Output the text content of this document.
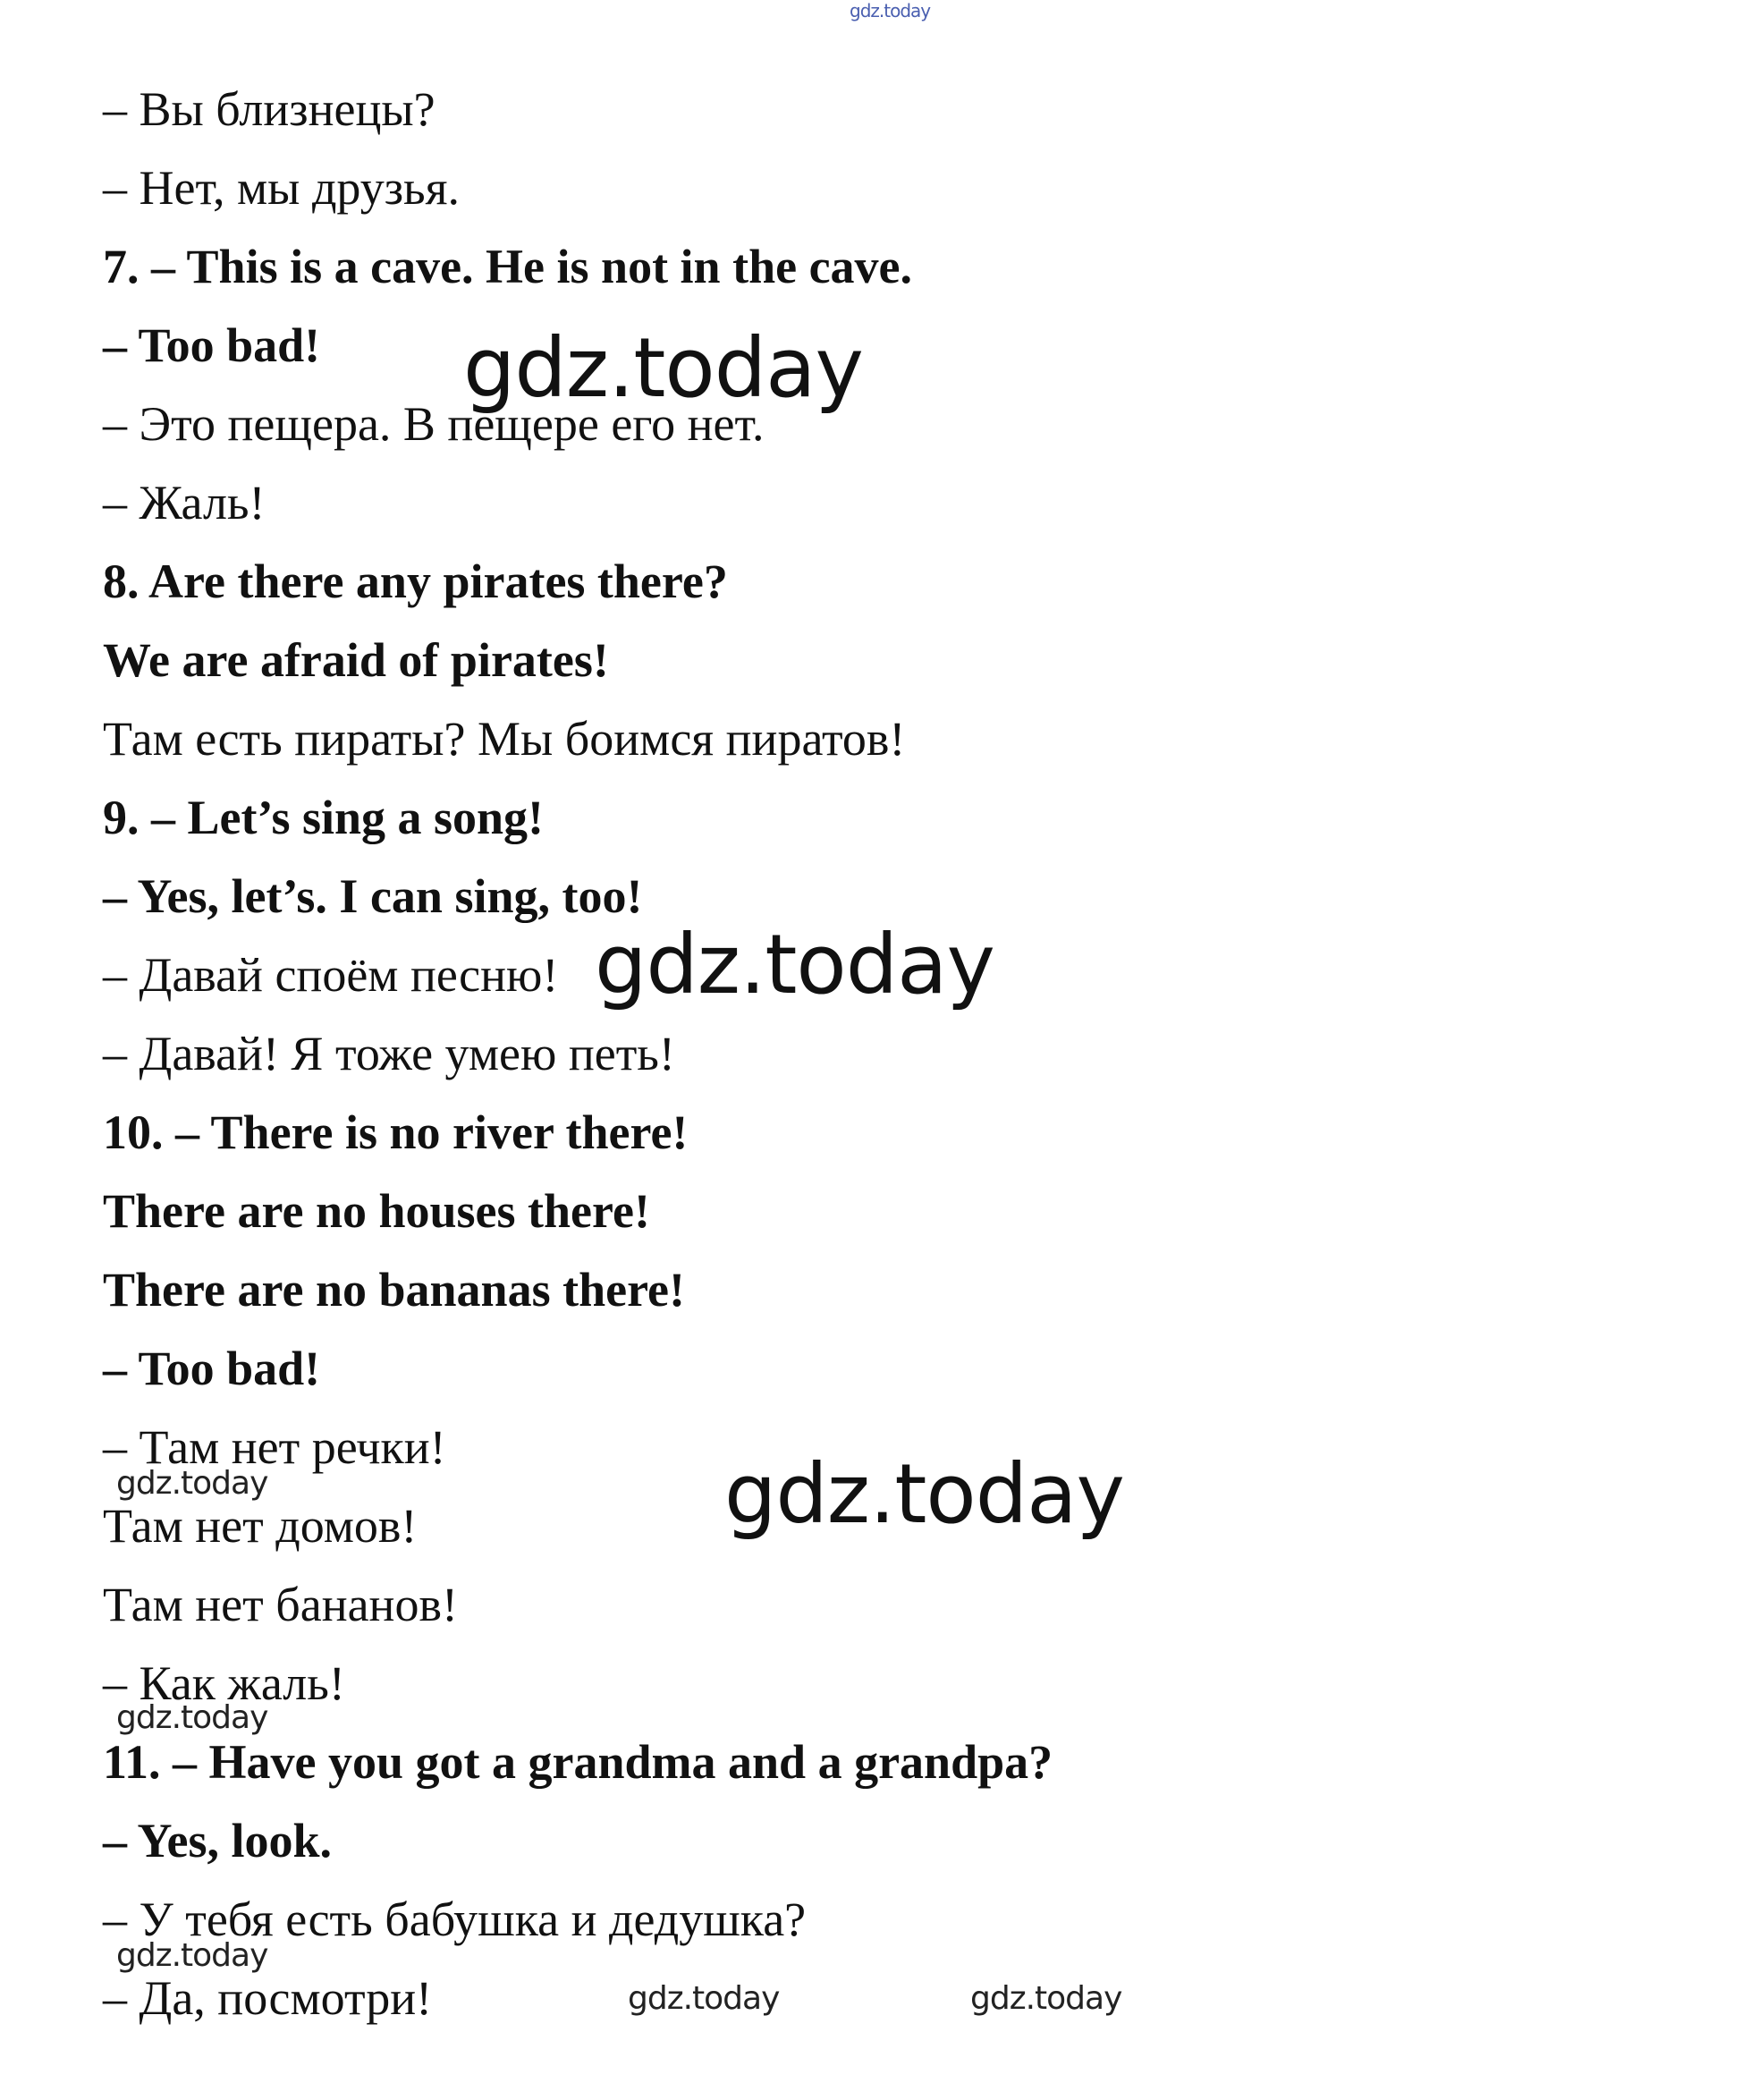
gdz.today
– Вы близнецы?
– Нет, мы друзья.
7. – This is a cave. He is not in the cave.
– Too bad!
– Это пещера. В пещере его нет.
– Жаль!
8. Are there any pirates there?
We are afraid of pirates!
Там есть пираты? Мы боимся пиратов!
9. – Let’s sing a song!
– Yes, let’s. I can sing, too!
– Давай споём песню!
– Давай! Я тоже умею петь!
10. – There is no river there!
There are no houses there!
There are no bananas there!
– Too bad!
– Там нет речки!
Там нет домов!
Там нет бананов!
– Как жаль!
11. – Have you got a grandma and a grandpa?
– Yes, look.
– У тебя есть бабушка и дедушка?
– Да, посмотри!
gdz.today
gdz.today
gdz.today
gdz.today
gdz.today
gdz.today
gdz.today	gdz.today
